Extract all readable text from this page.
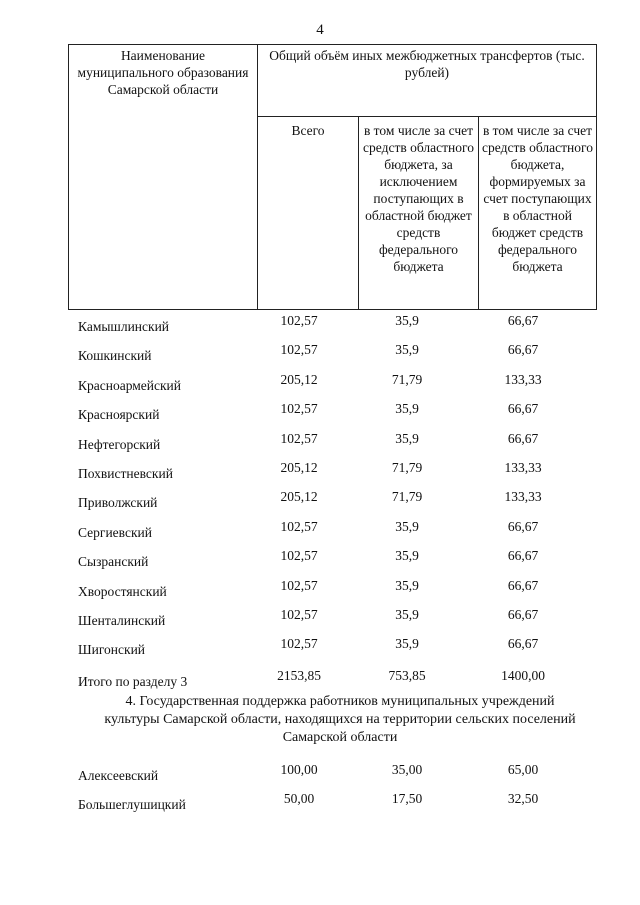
4
Наименование муниципального образования Самарской области	Общий объём иных межбюджетных трансфертов (тыс. рублей)		
	Всего	в том числе за счет средств областного бюджета, за исключением поступающих в областной бюджет средств федерального бюджета	в том числе за счет средств областного бюджета, формируемых за счет поступающих в областной бюджет средств федерального бюджета
Камышлинский	102,57	35,9	66,67
Кошкинский	102,57	35,9	66,67
Красноармейский	205,12	71,79	133,33
Красноярский	102,57	35,9	66,67
Нефтегорский	102,57	35,9	66,67
Похвистневский	205,12	71,79	133,33
Приволжский	205,12	71,79	133,33
Сергиевский	102,57	35,9	66,67
Сызранский	102,57	35,9	66,67
Хворостянский	102,57	35,9	66,67
Шенталинский	102,57	35,9	66,67
Шигонский	102,57	35,9	66,67
Итого по разделу 3	2153,85	753,85	1400,00
4. Государственная поддержка работников муниципальных учреждений культуры Самарской области, находящихся на территории сельских поселений Самарской области
Алексеевский	100,00	35,00	65,00
Большеглушицкий	50,00	17,50	32,50
